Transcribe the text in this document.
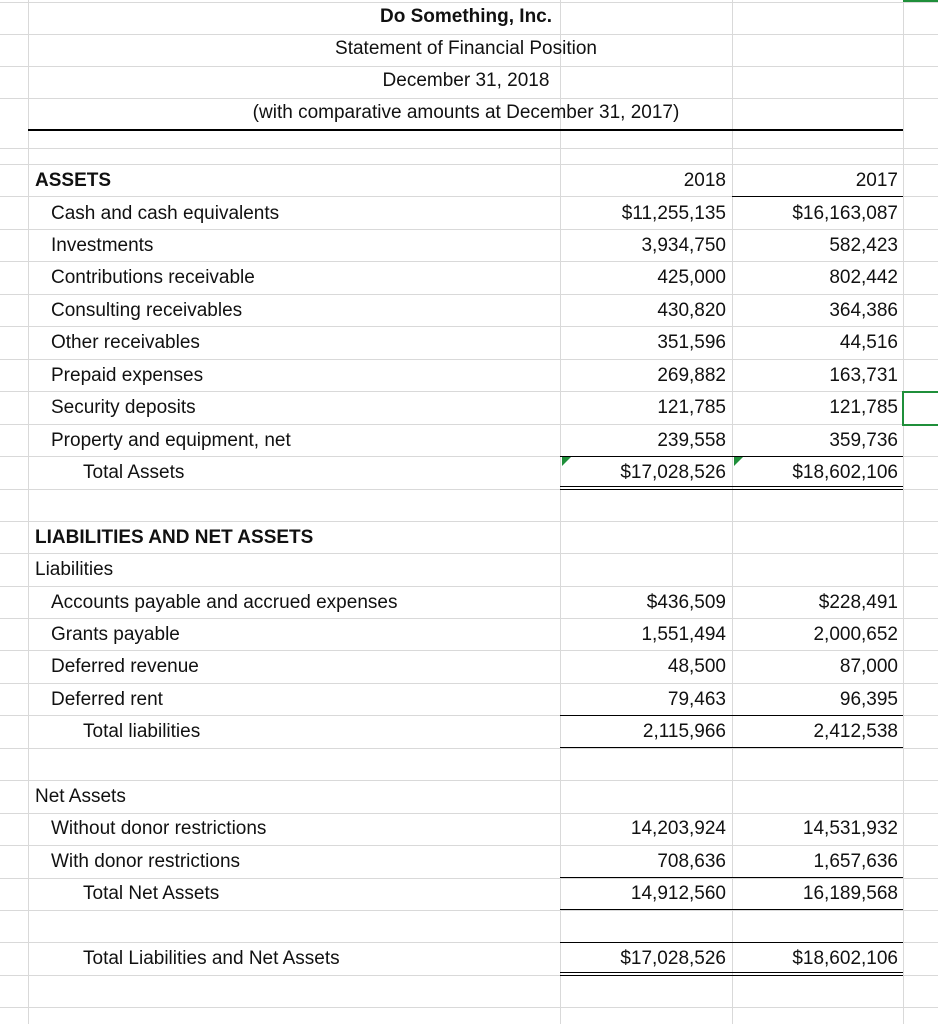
Do Something, Inc.
Statement of Financial Position
December 31, 2018
(with comparative amounts at December 31, 2017)
ASSETS	2018	2017
Cash and cash equivalents	$11,255,135	$16,163,087
Investments	3,934,750	582,423
Contributions receivable	425,000	802,442
Consulting receivables	430,820	364,386
Other receivables	351,596	44,516
Prepaid expenses	269,882	163,731
Security deposits	121,785	121,785
Property and equipment, net	239,558	359,736
Total Assets	$17,028,526	$18,602,106
LIABILITIES AND NET ASSETS
Liabilities
Accounts payable and accrued expenses	$436,509	$228,491
Grants payable	1,551,494	2,000,652
Deferred revenue	48,500	87,000
Deferred rent	79,463	96,395
Total liabilities	2,115,966	2,412,538
Net Assets
Without donor restrictions	14,203,924	14,531,932
With donor restrictions	708,636	1,657,636
Total Net Assets	14,912,560	16,189,568
Total Liabilities and Net Assets	$17,028,526	$18,602,106
